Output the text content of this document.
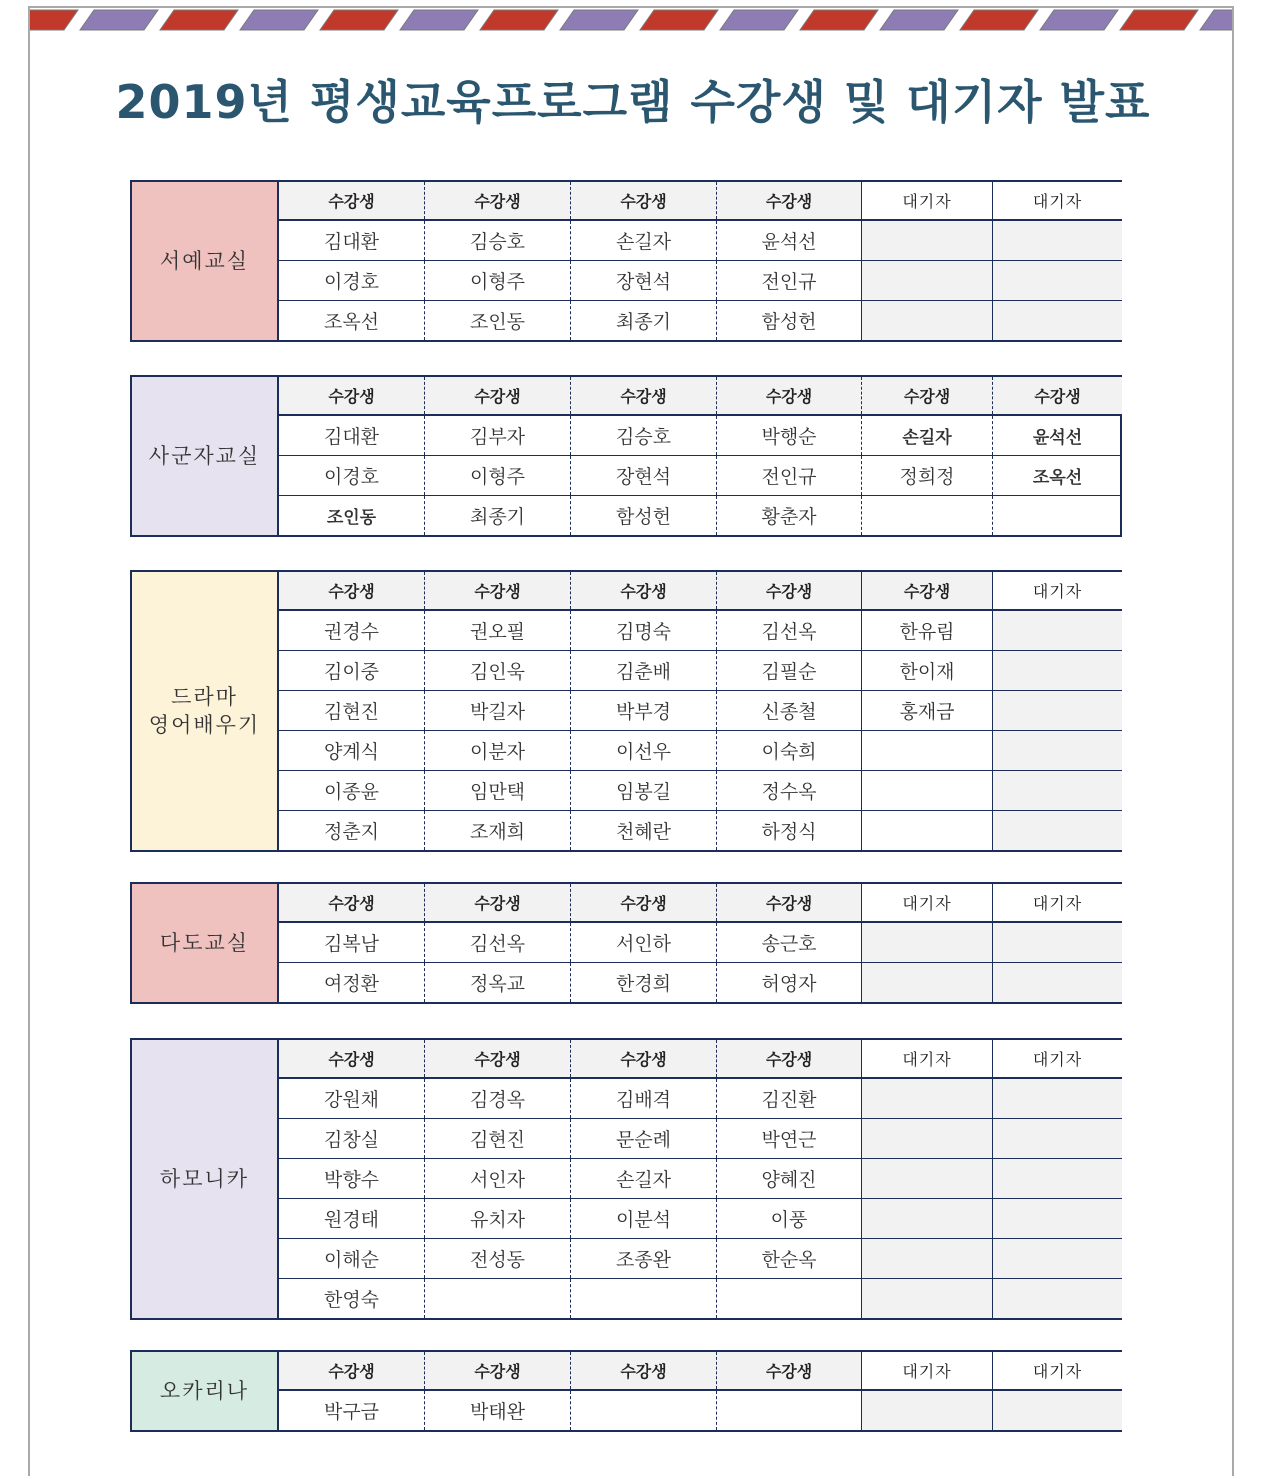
2019년 평생교육프로그램 수강생 및 대기자 발표
서예교실
수강생	수강생	수강생	수강생	대기자	대기자
김대환	김승호	손길자	윤석선
이경호	이형주	장현석	전인규
조옥선	조인동	최종기	함성헌
사군자교실
수강생	수강생	수강생	수강생	수강생	수강생
김대환	김부자	김승호	박행순	손길자	윤석선
이경호	이형주	장현석	전인규	정희정	조옥선
조인동	최종기	함성헌	황춘자
드라마
영어배우기
수강생	수강생	수강생	수강생	수강생	대기자
권경수	권오필	김명숙	김선옥	한유림
김이중	김인욱	김춘배	김필순	한이재
김현진	박길자	박부경	신종철	홍재금
양계식	이분자	이선우	이숙희
이종윤	임만택	임봉길	정수옥
정춘지	조재희	천혜란	하정식
다도교실
수강생	수강생	수강생	수강생	대기자	대기자
김복남	김선옥	서인하	송근호
여정환	정옥교	한경희	허영자
하모니카
수강생	수강생	수강생	수강생	대기자	대기자
강원채	김경옥	김배격	김진환
김창실	김현진	문순례	박연근
박향수	서인자	손길자	양혜진
원경태	유치자	이분석	이풍
이해순	전성동	조종완	한순옥
한영숙
오카리나
수강생	수강생	수강생	수강생	대기자	대기자
박구금	박태완
